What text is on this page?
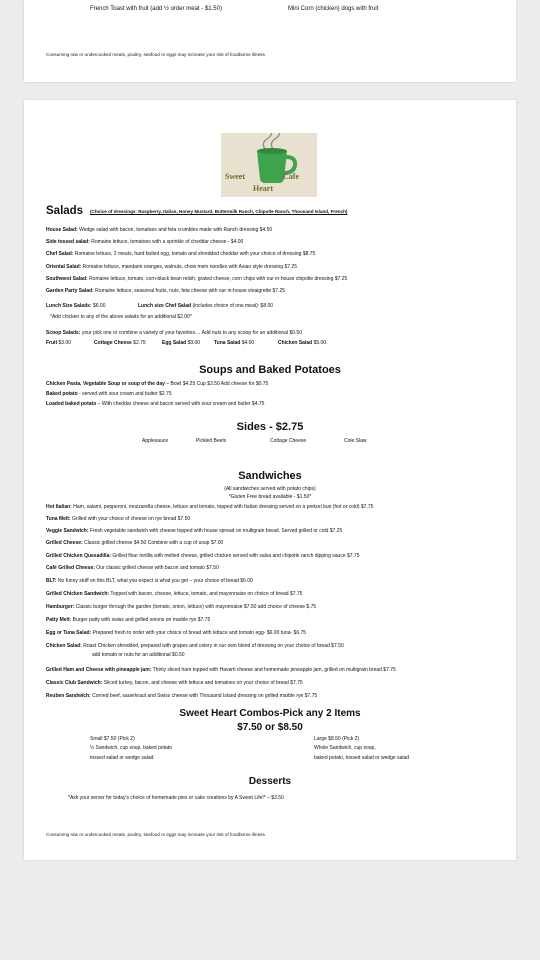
French Toast with fruit (add ½ order meat - $1.50)	Mini Corn (chicken) dogs with fruit
Consuming raw or undercooked meats, poultry, seafood or eggs may increase your risk of foodborne illness.
Sweet	Cafe
Heart
Salads (Choice of dressings: Raspberry, Italian, Honey Mustard, Buttermilk Ranch, Chipotle Ranch, Thousand Island, French)
House Salad: Wedge salad with bacon, tomatoes and feta crumbles made with Ranch dressing $4.50
Side tossed salad: Romaine lettuce, tomatoes with a sprinkle of cheddar cheese - $4.00
Chef Salad: Romaine lettuce, 2 meats, hard boiled egg, tomato and shredded cheddar with your choice of dressing $8.75
Oriental Salad: Romaine lettuce, mandarin oranges, walnuts, chow mein noodles with Asian style dressing $7.25
Southwest Salad: Romaine lettuce, tomato, corn-black bean relish, grated cheese, corn chips with our in-house chipotle dressing $7.25
Garden Party Salad: Romaine lettuce, seasonal fruits, nuts, feta cheese with our in-house vinaigrette $7.25
Lunch Size Salads: $6.00	Lunch size Chef Salad (includes choice of one meat): $8.00
*Add chicken to any of the above salads for an additional $2.00*
Scoop Salads: your pick one or combine a variety of your favorites.... Add nuts to any scoop for an additional $0.50
Fruit $3.00	Cottage Cheese $2.75	Egg Salad $3.00	Tuna Salad $4.00	Chicken Salad $5.00.
Soups and Baked Potatoes
Chicken Pasta, Vegetable Soup or soup of the day – Bowl $4.25 Cup $3.50 Add cheese for $0.75
Baked potato - served with sour cream and butter $2.75
Loaded baked potato – With cheddar cheese and bacon served with sour cream and butter $4.75
Sides - $2.75
Applesauce	Pickled Beets	Cottage Cheese	Cole Slaw
Sandwiches
(All sandwiches served with potato chips)
*Gluten Free bread available - $1.50*
Hot Italian: Ham, salami, pepperoni, mozzarella cheese, lettuce and tomato, topped with Italian dressing served on a pretzel bun (hot or cold) $7.75
Tuna Melt: Grilled with your choice of cheese on rye bread $7.50
Veggie Sandwich: Fresh vegetable sandwich with cheese topped with house spread on multigrain bread. Served grilled or cold $7.25
Grilled Cheese: Classic grilled cheese $4.50 Combine with a cup of soup $7.00
Grilled Chicken Quesadilla: Grilled flour tortilla with melted cheese, grilled chicken served with salsa and chipotle ranch dipping sauce $7.75
Café Grilled Cheese: Our classic grilled cheese with bacon and tomato $7.50
BLT: No funny stuff on this BLT, what you expect is what you get – your choice of bread $6.00
Grilled Chicken Sandwich: Topped with bacon, cheese, lettuce, tomato, and mayonnaise on choice of bread $7.75
Hamburger: Classic burger through the garden (tomato, onion, lettuce) with mayonnaise $7.50 add choice of cheese $.75
Patty Melt: Burger patty with swiss and grilled onions on marble rye $7.75
Egg or Tuna Salad: Prepared fresh to order with your choice of bread with lettuce and tomato egg- $6.00 tuna- $6.75
Chicken Salad: Roast Chicken shredded, prepared with grapes and celery in our own blend of dressing on your choice of bread $7.50
add tomato or nuts for an additional $0.50
Grilled Ham and Cheese with pineapple jam: Thinly sliced ham topped with Havarti cheese and homemade pineapple jam, grilled on multigrain bread $7.75
Classic Club Sandwich: Sliced turkey, bacon, and cheese with lettuce and tomatoes on your choice of bread $7.75
Reuben Sandwich: Corned beef, sauerkraut and Swiss cheese with Thousand Island dressing on grilled marble rye $7.75
Sweet Heart Combos-Pick any 2 Items
$7.50 or $8.50
Small $7.50 (Pick 2)
½ Sandwich, cup soup, baked potato
tossed salad or wedge salad
Large $8.50 (Pick 2)
Whole Sandwich, cup soup,
baked potato, tossed salad or wedge salad
Desserts
*Ask your server for today's choice of homemade pies or cake creations by A Sweet Life!* – $3.50
Consuming raw or undercooked meats, poultry, seafood or eggs may increase your risk of foodborne illness.
